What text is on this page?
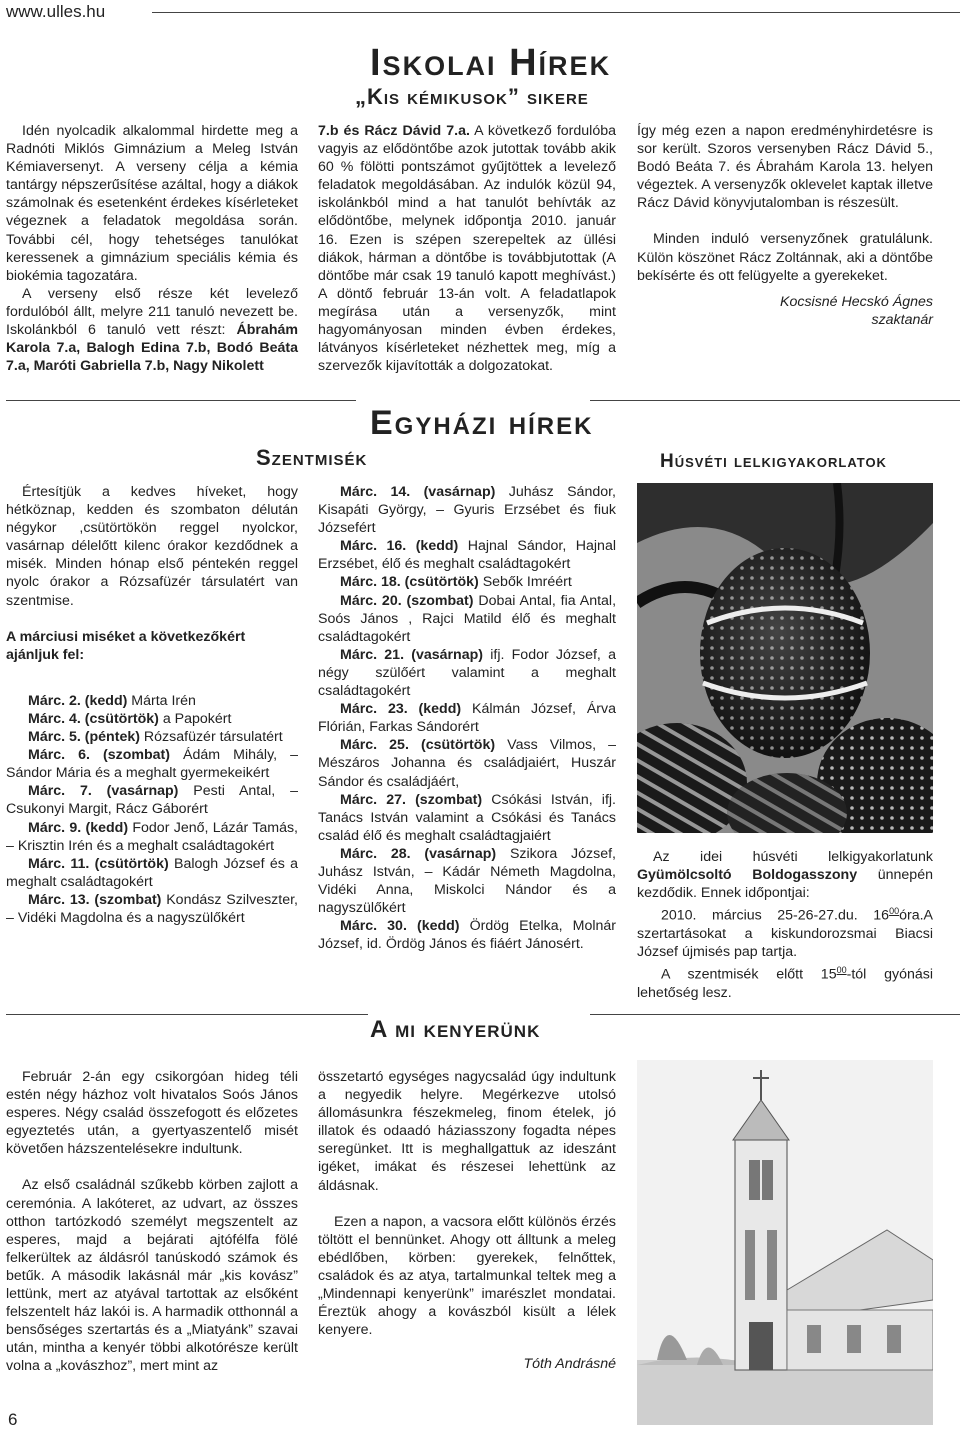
www.ulles.hu
Iskolai Hírek
„Kis kémikusok” sikere

Idén nyolcadik alkalommal hirdette meg a Radnóti Miklós Gimnázium a Meleg István Kémiaversenyt. A verseny célja a kémia tantárgy népszerűsítése azáltal, hogy a diákok számolnak és esetenként érdekes kísérleteket végeznek a feladatok megoldása során. További cél, hogy tehetséges tanulókat keressenek a gimnázium speciális kémia és biokémia tagozatára.

A verseny első része két levelező fordulóból állt, melyre 211 tanuló nevezett be. Iskolánkból 6 tanuló vett részt: Ábrahám Karola 7.a, Balogh Edina 7.b, Bodó Beáta 7.a, Maróti Gabriella 7.b, Nagy Nikolett

7.b és Rácz Dávid 7.a. A következő fordulóba vagyis az elődöntőbe azok jutottak tovább akik 60 % fölötti pontszámot gyűjtöttek a levelező feladatok megoldásában. Az indulók közül 94, iskolánkból mind a hat tanulót behívták az elődöntőbe, melynek időpontja 2010. január 16. Ezen is szépen szerepeltek az üllési diákok, hárman a döntőbe is továbbjutottak (A döntőbe már csak 19 tanuló kapott meghívást.) A döntő február 13-án volt. A feladatlapok megírása után a versenyzők, mint hagyományosan minden évben érdekes, látványos kísérleteket nézhettek meg, míg a szervezők kijavították a dolgozatokat.

Így még ezen a napon eredményhirdetésre is sor került. Szoros versenyben Rácz Dávid 5., Bodó Beáta 7. és Ábrahám Karola 13. helyen végeztek. A versenyzők oklevelet kaptak illetve Rácz Dávid könyvjutalomban is részesült.

Minden induló versenyzőnek gratulálunk. Külön köszönet Rácz Zoltánnak, aki a döntőbe bekísérte és ott felügyelte a gyerekeket.

Kocsisné Hecskó Ágnes

szaktanár

Egyházi hírek
Szentmisék	Húsvéti lelkigyakorlatok

Értesítjük a kedves híveket, hogy hétköznap, kedden és szombaton délután négykor ,csütörtökön reggel nyolckor, vasárnap délelőtt kilenc órakor kezdődnek a misék. Minden hónap első péntekén reggel nyolc órakor a Rózsafüzér társulatért van szentmise.

A márciusi miséket a következőkért ajánljuk fel:

Márc. 2. (kedd) Márta Irén

Márc. 4. (csütörtök) a Papokért

Márc. 5. (péntek) Rózsafüzér társulatért

Márc. 6. (szombat) Ádám Mihály, – Sándor Mária és a meghalt gyermekeikért

Márc. 7. (vasárnap) Pesti Antal, – Csukonyi Margit, Rácz Gáborért

Márc. 9. (kedd) Fodor Jenő, Lázár Tamás, – Krisztin Irén és a meghalt családtagokért

Márc. 11. (csütörtök) Balogh József és a meghalt családtagokért

Márc. 13. (szombat) Kondász Szilveszter, – Vidéki Magdolna és a nagyszülőkért

Márc. 14. (vasárnap) Juhász Sándor, Kisapáti György, – Gyuris Erzsébet és fiuk Józsefért

Márc. 16. (kedd) Hajnal Sándor, Hajnal Erzsébet, élő és meghalt családtagokért

Márc. 18. (csütörtök) Sebők Imréért

Márc. 20. (szombat) Dobai Antal, fia Antal, Soós János , Rajci Matild élő és meghalt családtagokért

Márc. 21. (vasárnap) ifj. Fodor József, a négy szülőért valamint a meghalt családtagokért

Márc. 23. (kedd) Kálmán József, Árva Flórián, Farkas Sándorért

Márc. 25. (csütörtök) Vass Vilmos, – Mészáros Johanna és családjaiért, Huszár Sándor és családjáért,

Márc. 27. (szombat) Csókási István, ifj. Tanács István valamint a Csókási és Tanács család élő és meghalt családtagjaiért

Márc. 28. (vasárnap) Szikora József, Juhász István, – Kádár Németh Magdolna, Vidéki Anna, Miskolci Nándor és a nagyszülőkért

Márc. 30. (kedd) Ördög Etelka, Molnár József, id. Ördög János és fiáért Jánosért.

Az idei húsvéti lelkigyakorlatunk Gyümölcsoltó Boldogasszony ünnepén kezdődik. Ennek időpontjai:

2010. március 25-26-27.du. $16^{00}óra.A$ szertartásokat a kiskundorozsmai Biacsi József újmisés pap tartja.

A szentmisék előtt $15^{00}$-tól gyónási lehetőség lesz.

A mi kenyerünk

Február 2-án egy csikorgóan hideg téli estén négy házhoz volt hivatalos Soós János esperes. Négy család összefogott és előzetes egyeztetés után, a gyertyaszentelő misét követően házszentelésekre indultunk.

Az első családnál szűkebb körben zajlott a ceremónia. A lakóteret, az udvart, az összes otthon tartózkodó személyt megszentelt az esperes, majd a bejárati ajtófélfa fölé felkerültek az áldásról tanúskodó számok és betűk. A második lakásnál már „kis kovász” lettünk, mert az atyával tartottak az elsőként felszentelt ház lakói is. A harmadik otthonnál a bensőséges szertartás és a „Miatyánk” szavai után, mintha a kenyér többi alkotórésze került volna a „kovászhoz”, mert mint az

összetartó egységes nagycsalád úgy indultunk a negyedik helyre. Megérkezve utolsó állomásunkra fészekmeleg, finom ételek, jó illatok és odaadó háziasszony fogadta népes seregünket. Itt is meghallgattuk az ideszánt igéket, imákat és részesei lehettünk az áldásnak.

Ezen a napon, a vacsora előtt különös érzés töltött el bennünket. Ahogy ott álltunk a meleg ebédlőben, körben: gyerekek, felnőttek, családok és az atya, tartalmunkal teltek meg a „Mindennapi kenyerünk” imarészlet mondatai. Éreztük ahogy a kovászból kisült a lélek kenyere.

Tóth Andrásné

6
